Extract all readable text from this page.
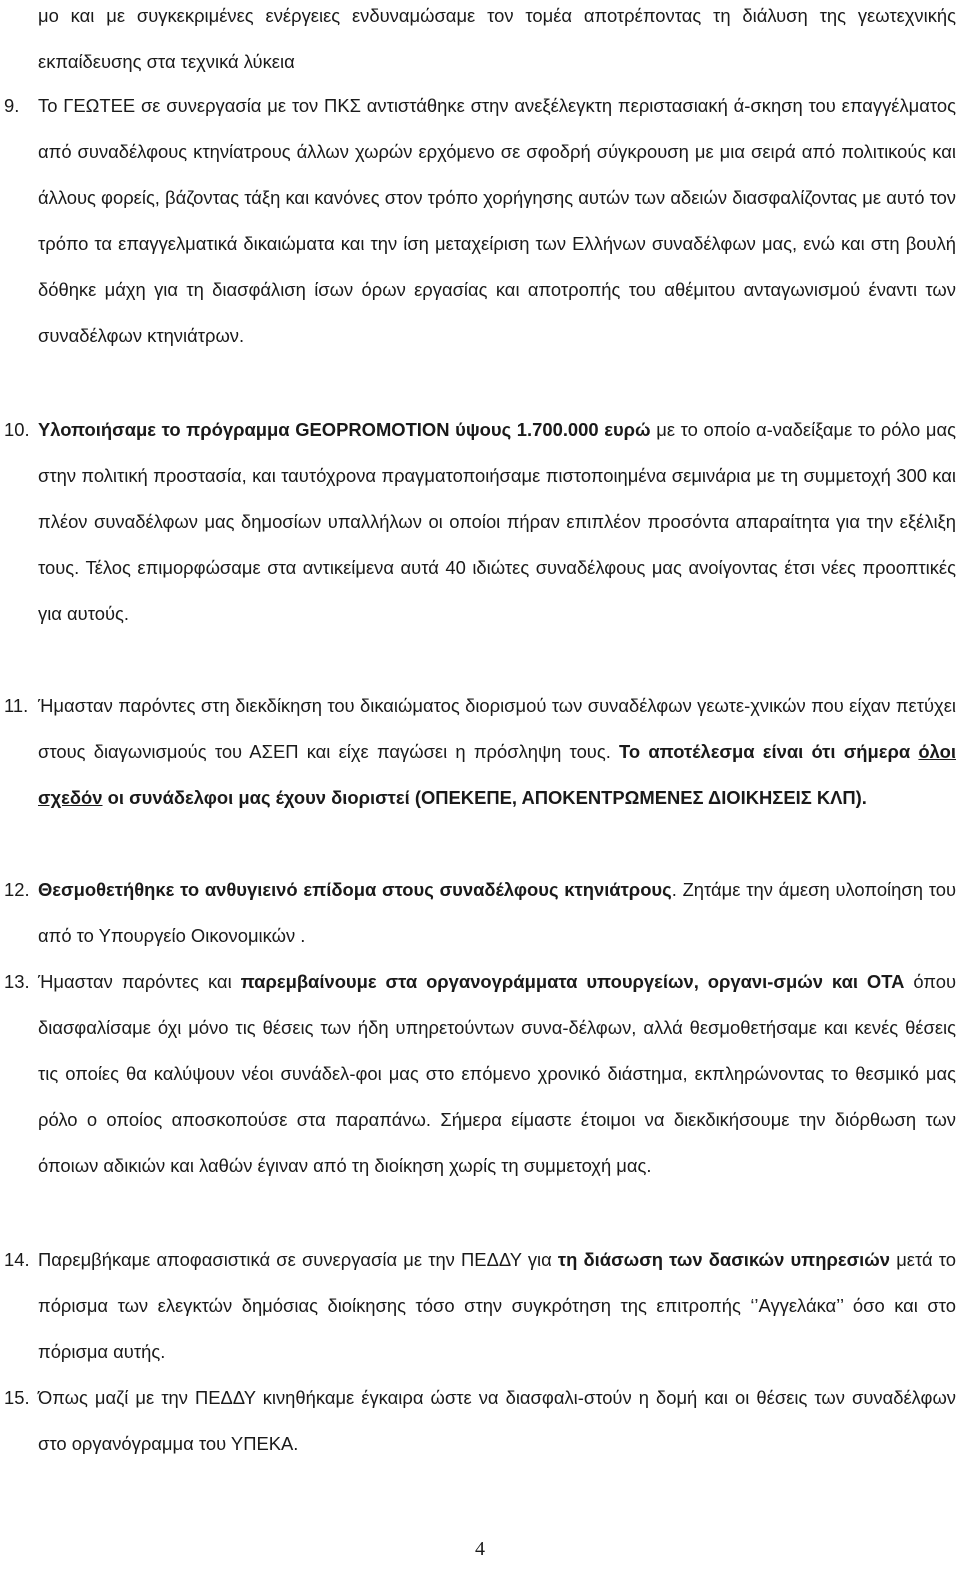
μο και με συγκεκριμένες ενέργειες ενδυναμώσαμε τον τομέα αποτρέποντας τη διάλυση της γεωτεχνικής εκπαίδευσης στα τεχνικά λύκεια
9. Το ΓΕΩΤΕΕ σε συνεργασία με τον ΠΚΣ αντιστάθηκε στην ανεξέλεγκτη περιστασιακή ά-σκηση του επαγγέλματος από συναδέλφους κτηνίατρους άλλων χωρών ερχόμενο σε σφοδρή σύγκρουση με μια σειρά από πολιτικούς και άλλους φορείς, βάζοντας τάξη και κανόνες στον τρόπο χορήγησης αυτών των αδειών διασφαλίζοντας με αυτό τον τρόπο τα επαγγελματικά δικαιώματα και την ίση μεταχείριση των Ελλήνων συναδέλφων μας, ενώ και στη βουλή δόθηκε μάχη για τη διασφάλιση ίσων όρων εργασίας και αποτροπής του αθέμιτου ανταγωνισμού έναντι των συναδέλφων κτηνιάτρων.
10. Υλοποιήσαμε το πρόγραμμα GEOPROMOTION ύψους 1.700.000 ευρώ με το οποίο α-ναδείξαμε το ρόλο μας στην πολιτική προστασία, και ταυτόχρονα πραγματοποιήσαμε πιστοποιημένα σεμινάρια με τη συμμετοχή 300 και πλέον συναδέλφων μας δημοσίων υπαλλήλων οι οποίοι πήραν επιπλέον προσόντα απαραίτητα για την εξέλιξη τους. Τέλος επιμορφώσαμε στα αντικείμενα αυτά 40 ιδιώτες συναδέλφους μας ανοίγοντας έτσι νέες προοπτικές για αυτούς.
11. Ήμασταν παρόντες στη διεκδίκηση του δικαιώματος διορισμού των συναδέλφων γεωτε-χνικών που είχαν πετύχει στους διαγωνισμούς του ΑΣΕΠ και είχε παγώσει η πρόσληψη τους. Το αποτέλεσμα είναι ότι σήμερα όλοι σχεδόν οι συνάδελφοι μας έχουν διοριστεί (ΟΠΕΚΕΠΕ, ΑΠΟΚΕΝΤΡΩΜΕΝΕΣ ΔΙΟΙΚΗΣΕΙΣ ΚΛΠ).
12. Θεσμοθετήθηκε το ανθυγιεινό επίδομα στους συναδέλφους κτηνιάτρους. Ζητάμε την άμεση υλοποίηση του από το Υπουργείο Οικονομικών .
13. Ήμασταν παρόντες και παρεμβαίνουμε στα οργανογράμματα υπουργείων, οργανι-σμών και ΟΤΑ όπου διασφαλίσαμε όχι μόνο τις θέσεις των ήδη υπηρετούντων συνα-δέλφων, αλλά θεσμοθετήσαμε και κενές θέσεις τις οποίες θα καλύψουν νέοι συνάδελ-φοι μας στο επόμενο χρονικό διάστημα, εκπληρώνοντας το θεσμικό μας ρόλο ο οποίος αποσκοπούσε στα παραπάνω. Σήμερα είμαστε έτοιμοι να διεκδικήσουμε την διόρθωση των όποιων αδικιών και λαθών έγιναν από τη διοίκηση χωρίς τη συμμετοχή μας.
14. Παρεμβήκαμε αποφασιστικά σε συνεργασία με την ΠΕΔΔΥ για τη διάσωση των δασικών υπηρεσιών μετά το πόρισμα των ελεγκτών δημόσιας διοίκησης τόσο στην συγκρότηση της επιτροπής ‘’Αγγελάκα’’ όσο και στο πόρισμα αυτής.
15. Όπως μαζί με την ΠΕΔΔΥ κινηθήκαμε έγκαιρα ώστε να διασφαλι-στούν η δομή και οι θέσεις των συναδέλφων στο οργανόγραμμα του ΥΠΕΚΑ.
4
